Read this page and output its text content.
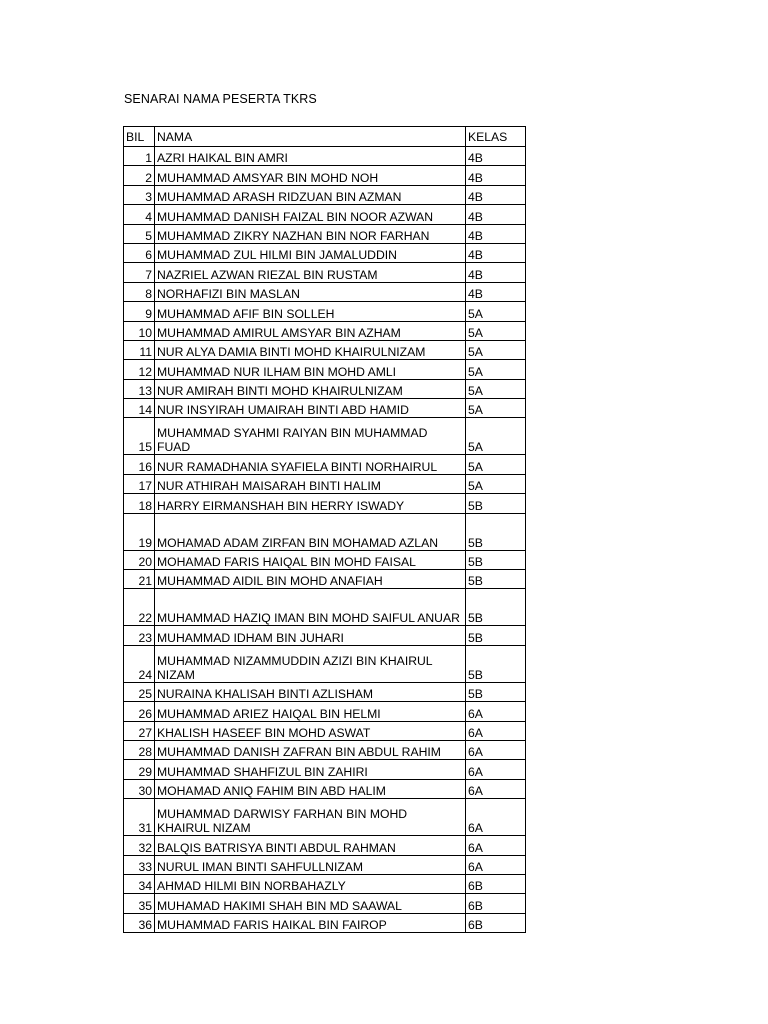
SENARAI NAMA PESERTA TKRS
BIL	NAMA	KELAS
1	AZRI HAIKAL BIN AMRI	4B
2	MUHAMMAD AMSYAR BIN MOHD NOH	4B
3	MUHAMMAD ARASH RIDZUAN BIN AZMAN	4B
4	MUHAMMAD DANISH FAIZAL BIN NOOR AZWAN	4B
5	MUHAMMAD ZIKRY NAZHAN BIN NOR FARHAN	4B
6	MUHAMMAD ZUL HILMI BIN JAMALUDDIN	4B
7	NAZRIEL AZWAN RIEZAL BIN RUSTAM	4B
8	NORHAFIZI BIN MASLAN	4B
9	MUHAMMAD AFIF BIN SOLLEH	5A
10	MUHAMMAD AMIRUL AMSYAR BIN AZHAM	5A
11	NUR ALYA DAMIA BINTI MOHD KHAIRULNIZAM	5A
12	MUHAMMAD NUR ILHAM BIN MOHD AMLI	5A
13	NUR AMIRAH BINTI MOHD KHAIRULNIZAM	5A
14	NUR INSYIRAH UMAIRAH BINTI ABD HAMID	5A
15	MUHAMMAD SYAHMI RAIYAN BIN MUHAMMAD FUAD	5A
16	NUR RAMADHANIA SYAFIELA BINTI NORHAIRUL	5A
17	NUR ATHIRAH MAISARAH BINTI HALIM	5A
18	HARRY EIRMANSHAH BIN HERRY ISWADY	5B
19	MOHAMAD ADAM ZIRFAN BIN MOHAMAD AZLAN	5B
20	MOHAMAD FARIS HAIQAL BIN MOHD FAISAL	5B
21	MUHAMMAD AIDIL BIN MOHD ANAFIAH	5B
22	MUHAMMAD HAZIQ IMAN BIN MOHD SAIFUL ANUAR	5B
23	MUHAMMAD IDHAM BIN JUHARI	5B
24	MUHAMMAD NIZAMMUDDIN AZIZI BIN KHAIRUL NIZAM	5B
25	NURAINA KHALISAH BINTI AZLISHAM	5B
26	MUHAMMAD ARIEZ HAIQAL BIN HELMI	6A
27	KHALISH HASEEF BIN MOHD ASWAT	6A
28	MUHAMMAD DANISH ZAFRAN BIN ABDUL RAHIM	6A
29	MUHAMMAD SHAHFIZUL BIN ZAHIRI	6A
30	MOHAMAD ANIQ FAHIM BIN ABD HALIM	6A
31	MUHAMMAD DARWISY FARHAN BIN MOHD KHAIRUL NIZAM	6A
32	BALQIS BATRISYA BINTI ABDUL RAHMAN	6A
33	NURUL IMAN BINTI SAHFULLNIZAM	6A
34	AHMAD HILMI BIN NORBAHAZLY	6B
35	MUHAMAD HAKIMI SHAH BIN MD SAAWAL	6B
36	MUHAMMAD FARIS HAIKAL BIN FAIROP	6B
